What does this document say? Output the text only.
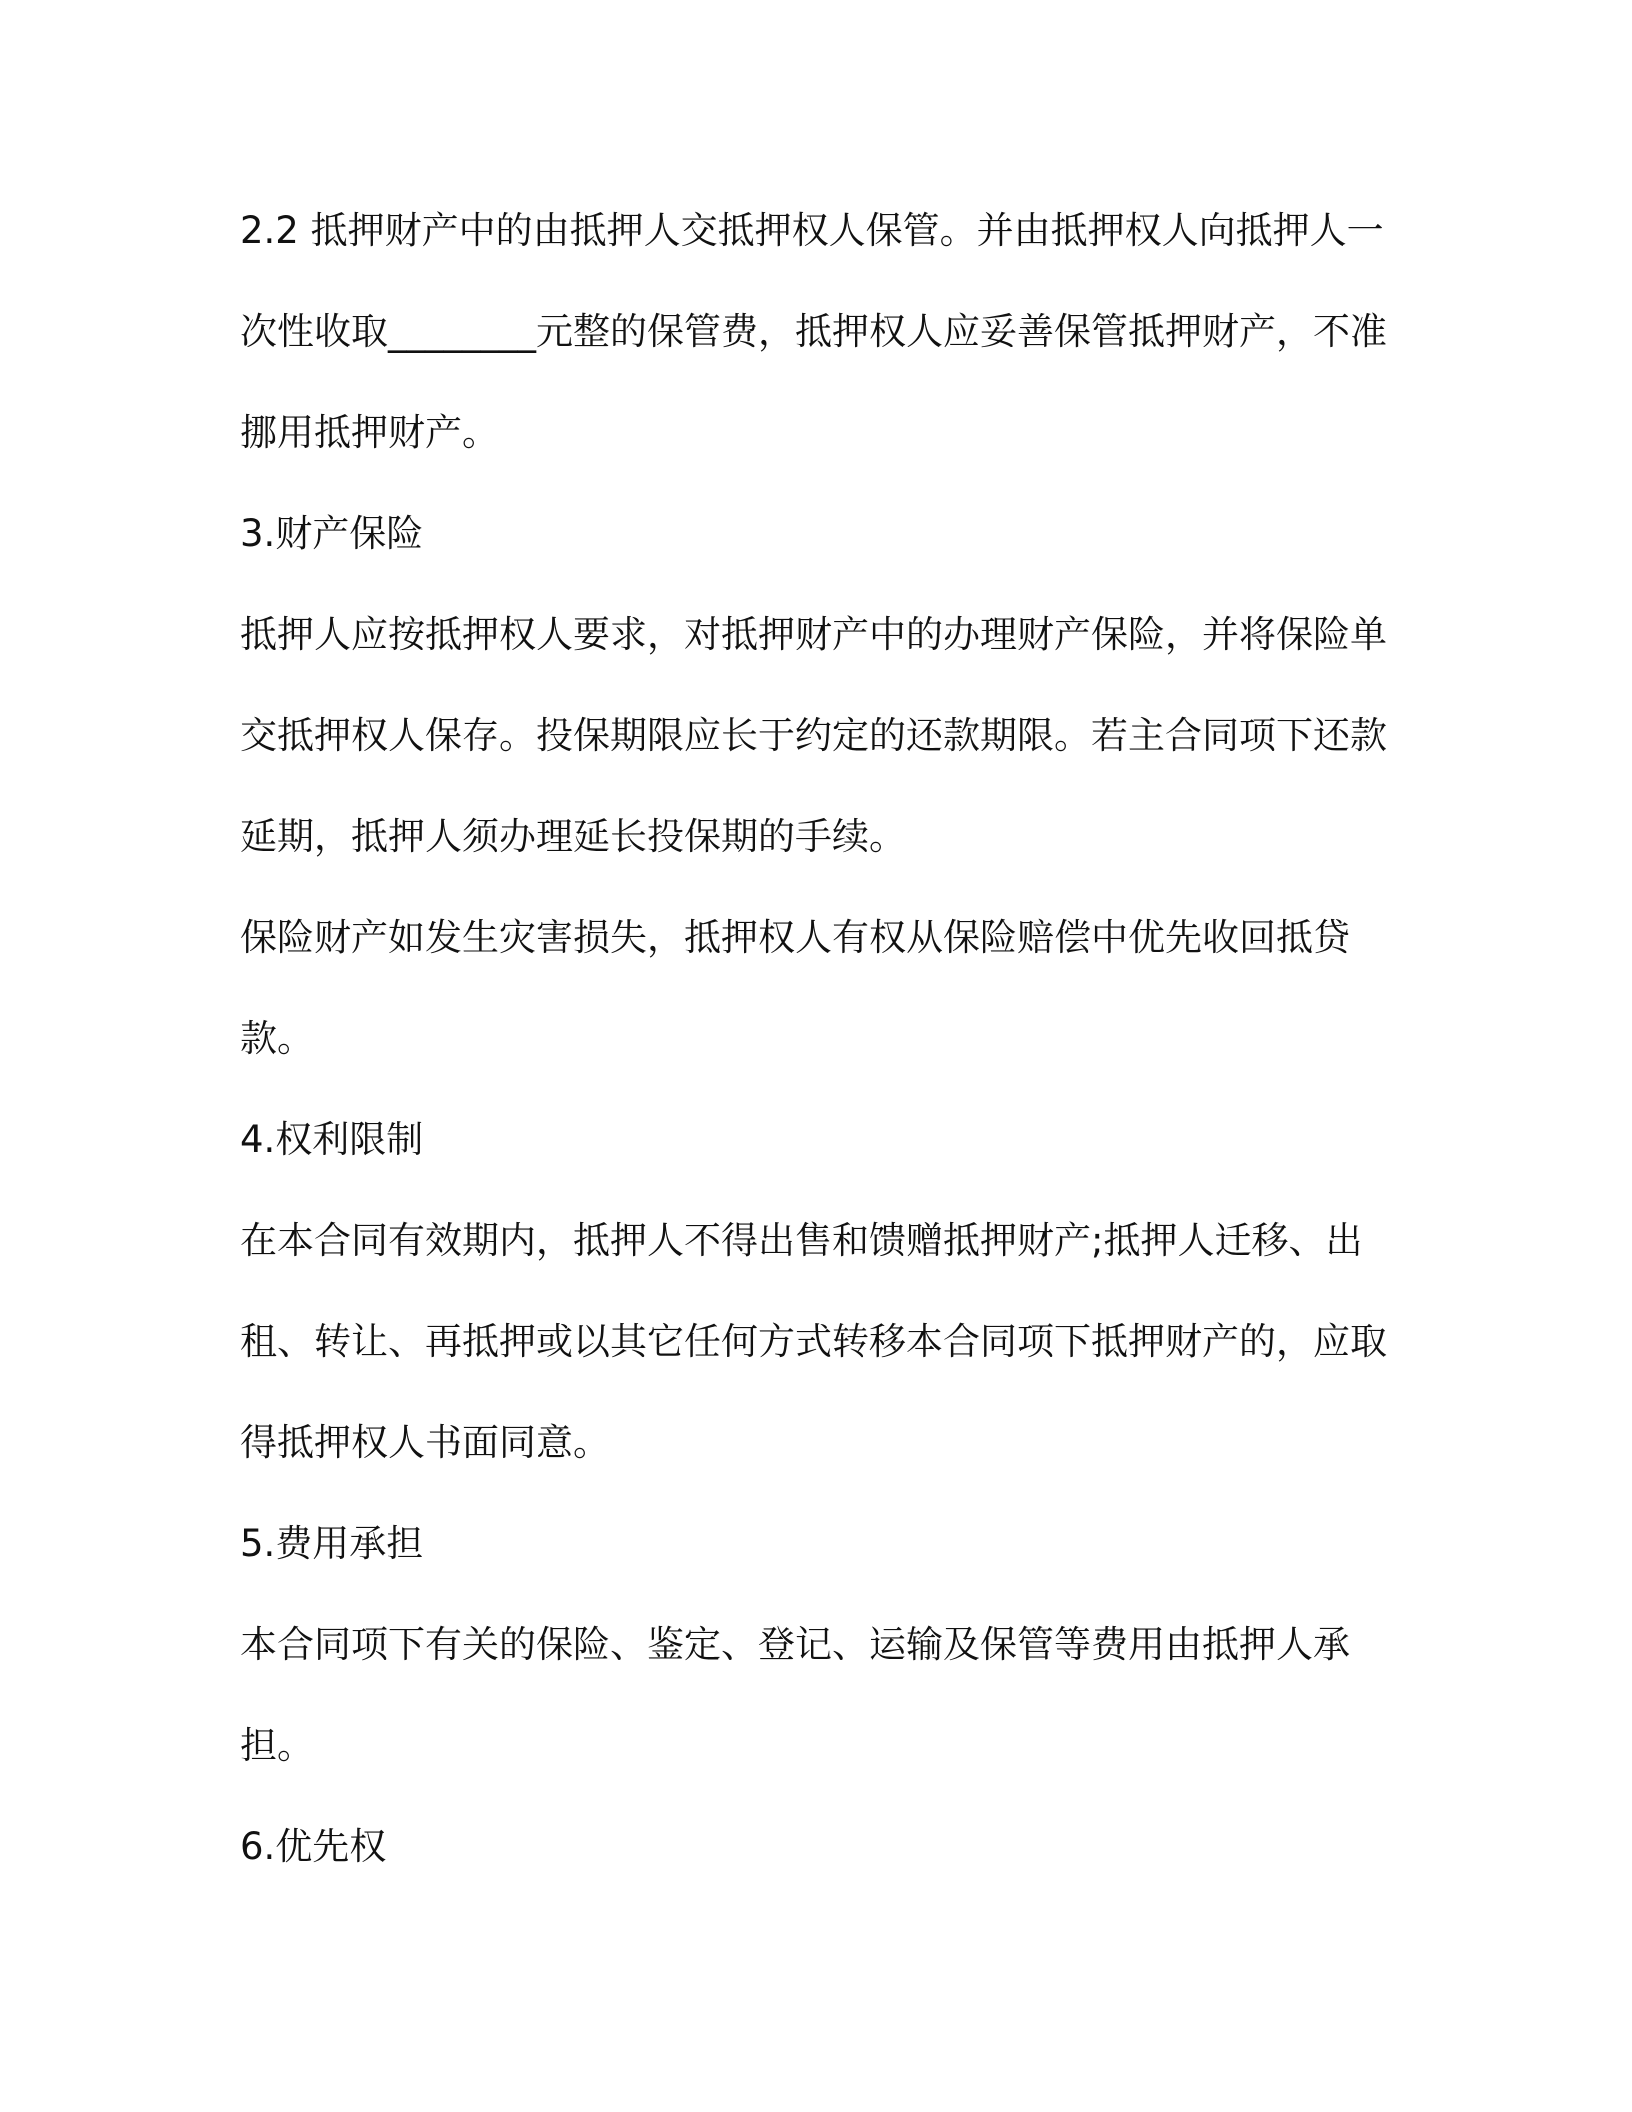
2.2 抵押财产中的由抵押人交抵押权人保管。并由抵押权人向抵押人一次性收取________元整的保管费，抵押权人应妥善保管抵押财产，不准挪用抵押财产。

3.财产保险

抵押人应按抵押权人要求，对抵押财产中的办理财产保险，并将保险单交抵押权人保存。投保期限应长于约定的还款期限。若主合同项下还款延期，抵押人须办理延长投保期的手续。

保险财产如发生灾害损失，抵押权人有权从保险赔偿中优先收回抵贷款。

4.权利限制

在本合同有效期内，抵押人不得出售和馈赠抵押财产;抵押人迁移、出租、转让、再抵押或以其它任何方式转移本合同项下抵押财产的，应取得抵押权人书面同意。

5.费用承担

本合同项下有关的保险、鉴定、登记、运输及保管等费用由抵押人承担。

6.优先权
